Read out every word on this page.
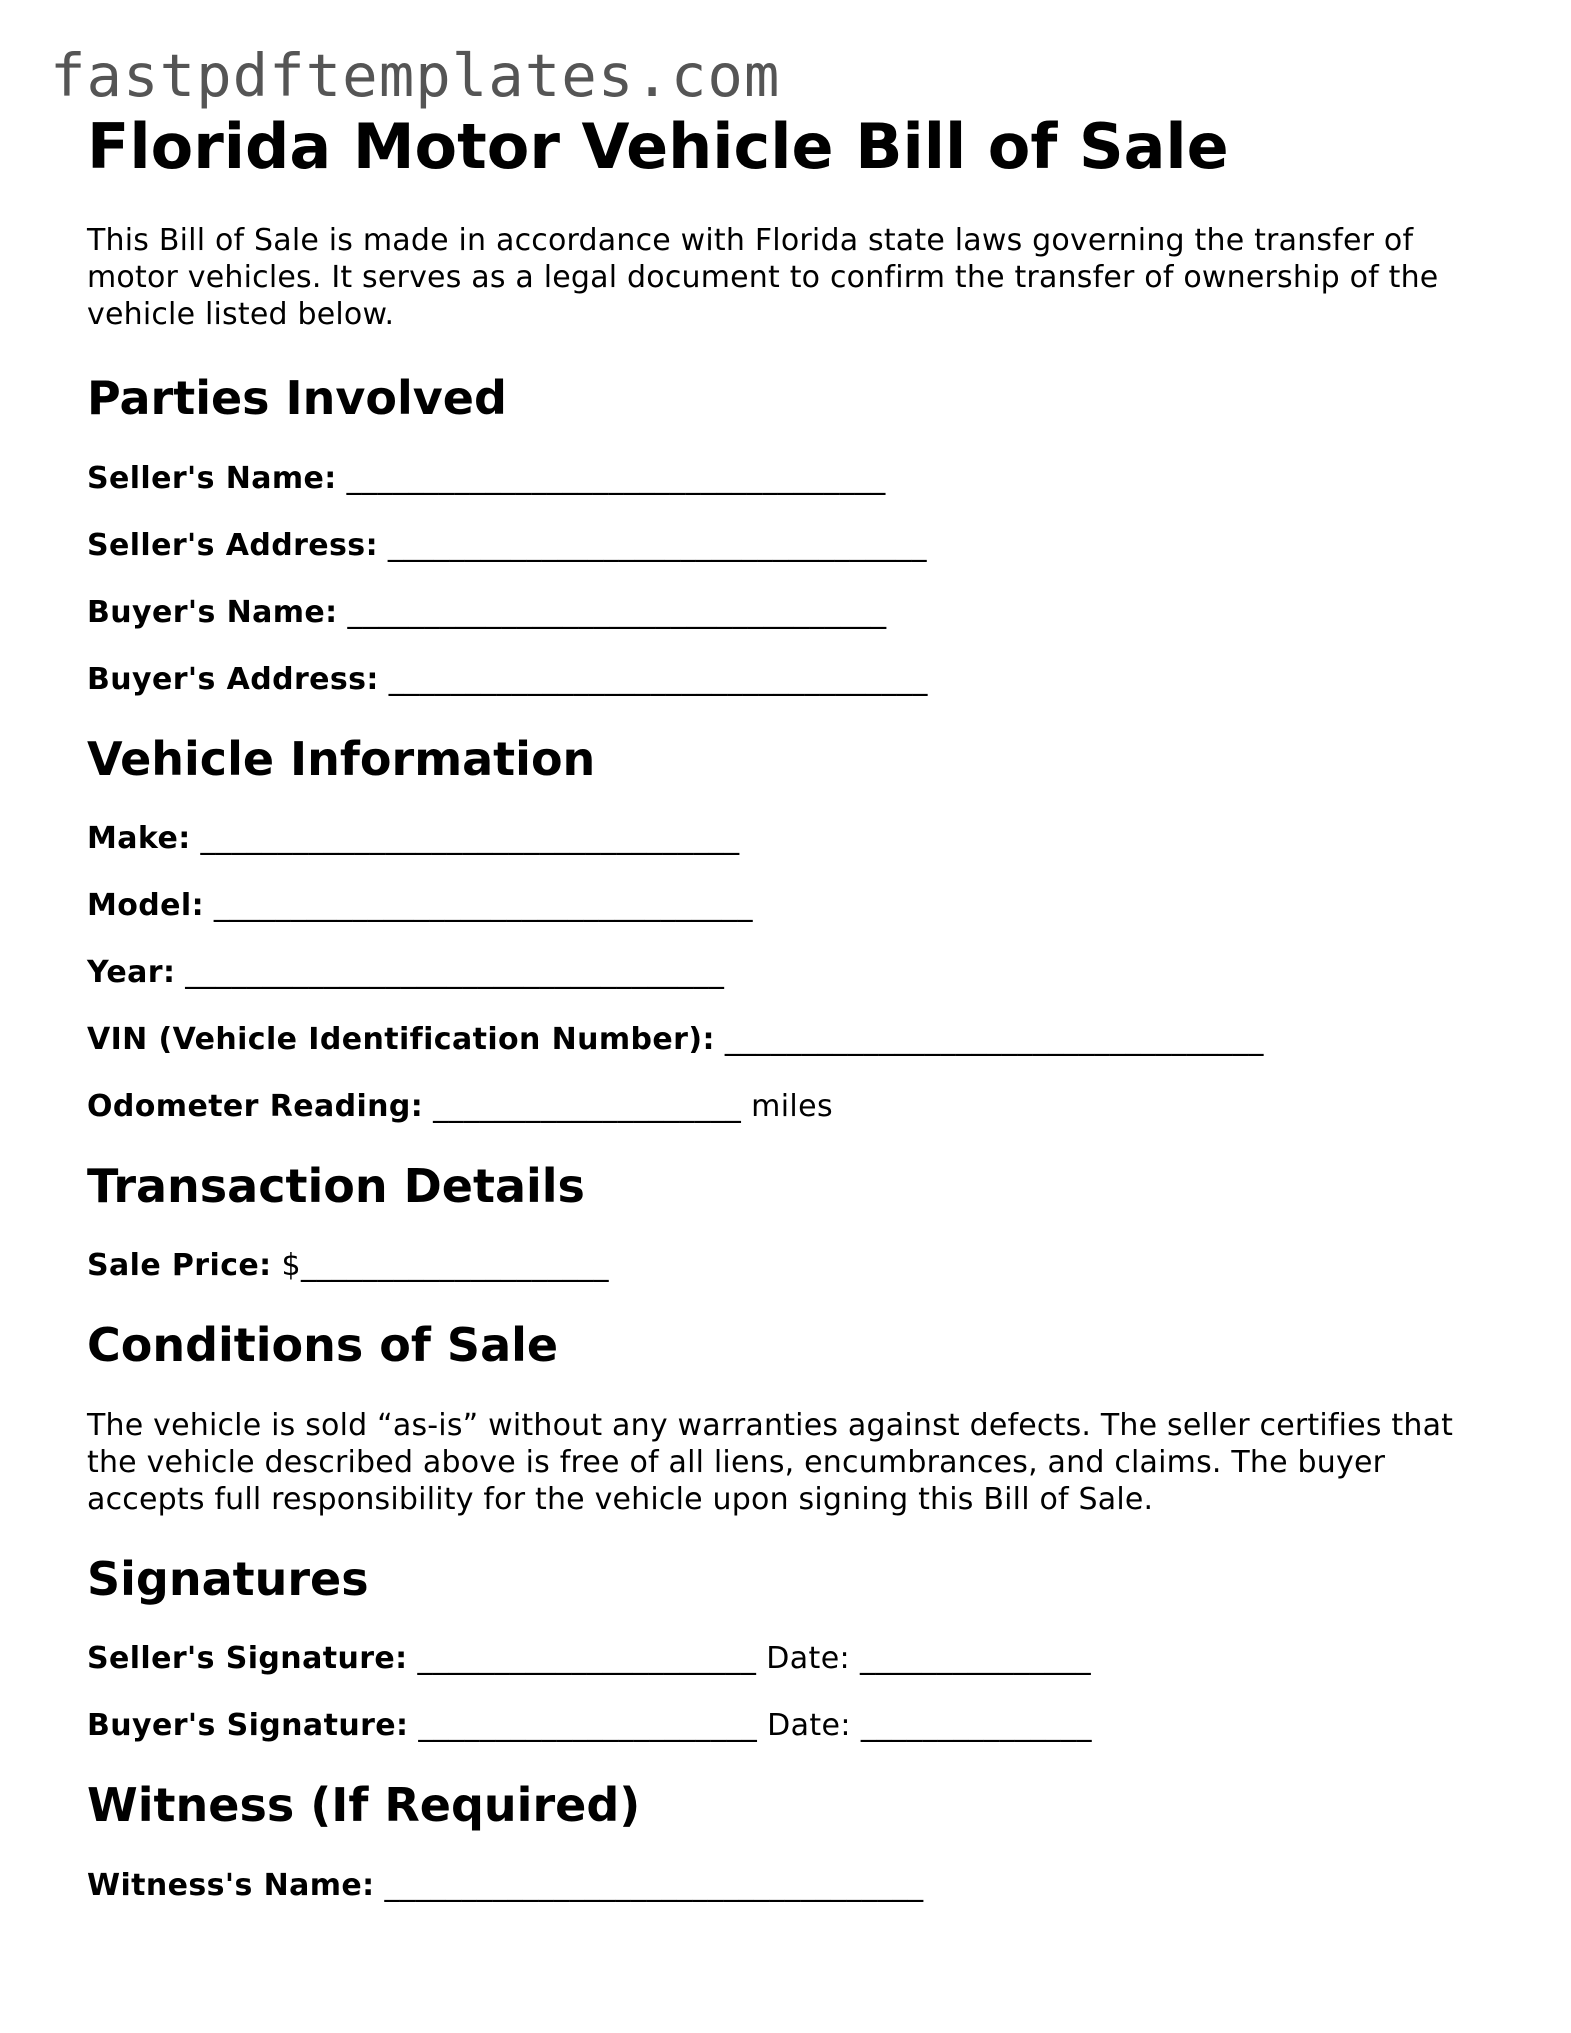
fastpdftemplates.com
Florida Motor Vehicle Bill of Sale

This Bill of Sale is made in accordance with Florida state laws governing the transfer of motor vehicles. It serves as a legal document to confirm the transfer of ownership of the vehicle listed below.

Parties Involved
Seller's Name: ___________________________________
Seller's Address: ___________________________________
Buyer's Name: ___________________________________
Buyer's Address: ___________________________________
Vehicle Information
Make: ___________________________________
Model: ___________________________________
Year: ___________________________________
VIN (Vehicle Identification Number): ___________________________________
Odometer Reading: ____________________ miles
Transaction Details
Sale Price: $____________________
Conditions of Sale

The vehicle is sold “as-is” without any warranties against defects. The seller certifies that the vehicle described above is free of all liens, encumbrances, and claims. The buyer accepts full responsibility for the vehicle upon signing this Bill of Sale.

Signatures
Seller's Signature: ______________________ Date: _______________
Buyer's Signature: ______________________ Date: _______________
Witness (If Required)
Witness's Name: ___________________________________
